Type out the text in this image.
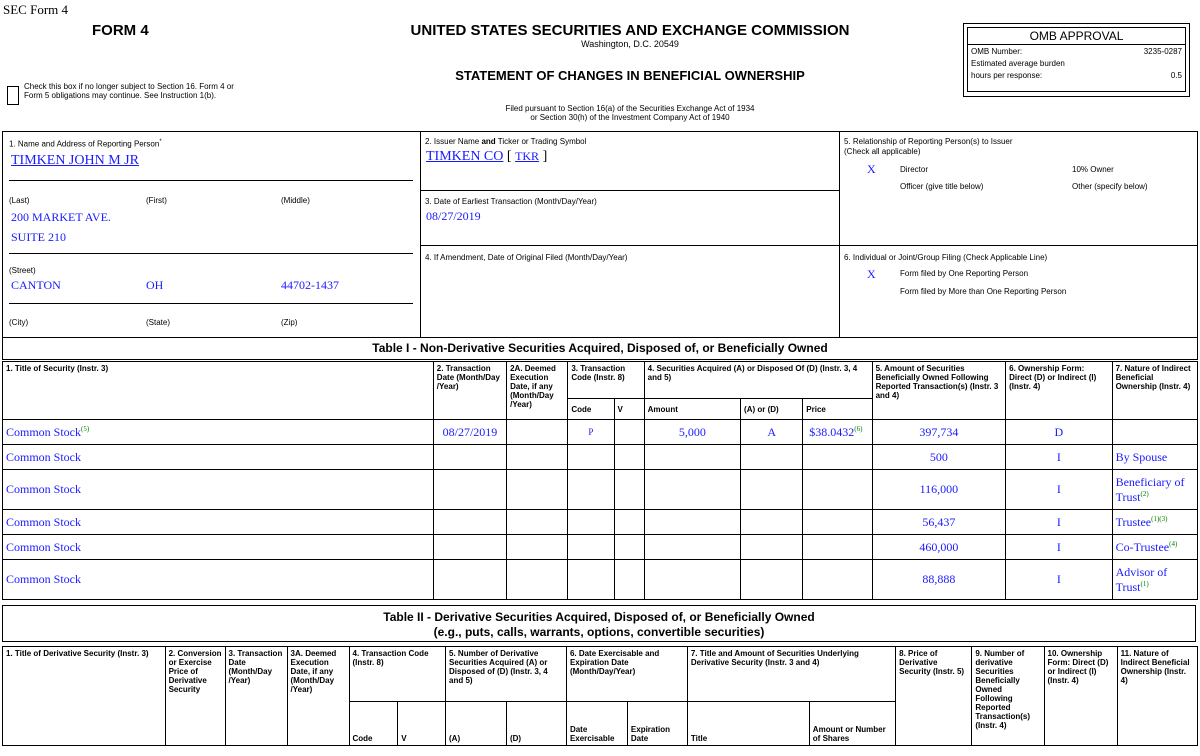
SEC Form 4
FORM 4	UNITED STATES SECURITIES AND EXCHANGE COMMISSION
Washington, D.C. 20549
STATEMENT OF CHANGES IN BENEFICIAL OWNERSHIP
Filed pursuant to Section 16(a) of the Securities Exchange Act of 1934
or Section 30(h) of the Investment Company Act of 1940
Check this box if no longer subject to Section 16. Form 4 or Form 5 obligations may continue. See Instruction 1(b).
OMB APPROVAL
OMB Number:	3235-0287
Estimated average burden
hours per response:	0.5
1. Name and Address of Reporting Person*
TIMKEN JOHN M JR
(Last)	(First)	(Middle)
200 MARKET AVE.
SUITE 210
(Street)
CANTON	OH	44702-1437
(City)	(State)	(Zip)
2. Issuer Name and Ticker or Trading Symbol
TIMKEN CO [ TKR ]
3. Date of Earliest Transaction (Month/Day/Year)
08/27/2019
4. If Amendment, Date of Original Filed (Month/Day/Year)
5. Relationship of Reporting Person(s) to Issuer
(Check all applicable)
X	Director	10% Owner
Officer (give title below)	Other (specify below)
6. Individual or Joint/Group Filing (Check Applicable Line)
X	Form filed by One Reporting Person
Form filed by More than One Reporting Person
Table I - Non-Derivative Securities Acquired, Disposed of, or Beneficially Owned
1. Title of Security (Instr. 3)	2. Transaction Date (Month/Day /Year)	2A. Deemed Execution Date, if any (Month/Day /Year)	3. Transaction Code (Instr. 8)		4. Securities Acquired (A) or Disposed Of (D) (Instr. 3, 4 and 5)			5. Amount of Securities Beneficially Owned Following Reported Transaction(s) (Instr. 3 and 4)	6. Ownership Form: Direct (D) or Indirect (I) (Instr. 4)	7. Nature of Indirect Beneficial Ownership (Instr. 4)
			Code	V	Amount	(A) or (D)	Price			
Common Stock$^{(5)}$	08/27/2019		P		5,000	A	$38.0432$^{(6)}$	397,734	D	
Common Stock								500	I	By Spouse
Common Stock								116,000	I	Beneficiary of Trust$^{(2)}$
Common Stock								56,437	I	Trustee$^{(1)(3)}$
Common Stock								460,000	I	Co-Trustee$^{(4)}$
Common Stock								88,888	I	Advisor of Trust$^{(1)}$
Table II - Derivative Securities Acquired, Disposed of, or Beneficially Owned
(e.g., puts, calls, warrants, options, convertible securities)
1. Title of Derivative Security (Instr. 3)	2. Conversion or Exercise Price of Derivative Security	3. Transaction Date (Month/Day /Year)	3A. Deemed Execution Date, if any (Month/Day /Year)	4. Transaction Code (Instr. 8)		5. Number of Derivative Securities Acquired (A) or Disposed of (D) (Instr. 3, 4 and 5)		6. Date Exercisable and Expiration Date (Month/Day/Year)		7. Title and Amount of Securities Underlying Derivative Security (Instr. 3 and 4)		8. Price of Derivative Security (Instr. 5)	9. Number of derivative Securities Beneficially Owned Following Reported Transaction(s) (Instr. 4)	10. Ownership Form: Direct (D) or Indirect (I) (Instr. 4)	11. Nature of Indirect Beneficial Ownership (Instr. 4)
				Code	V	(A)	(D)	Date Exercisable	Expiration Date	Title	Amount or Number of Shares				
